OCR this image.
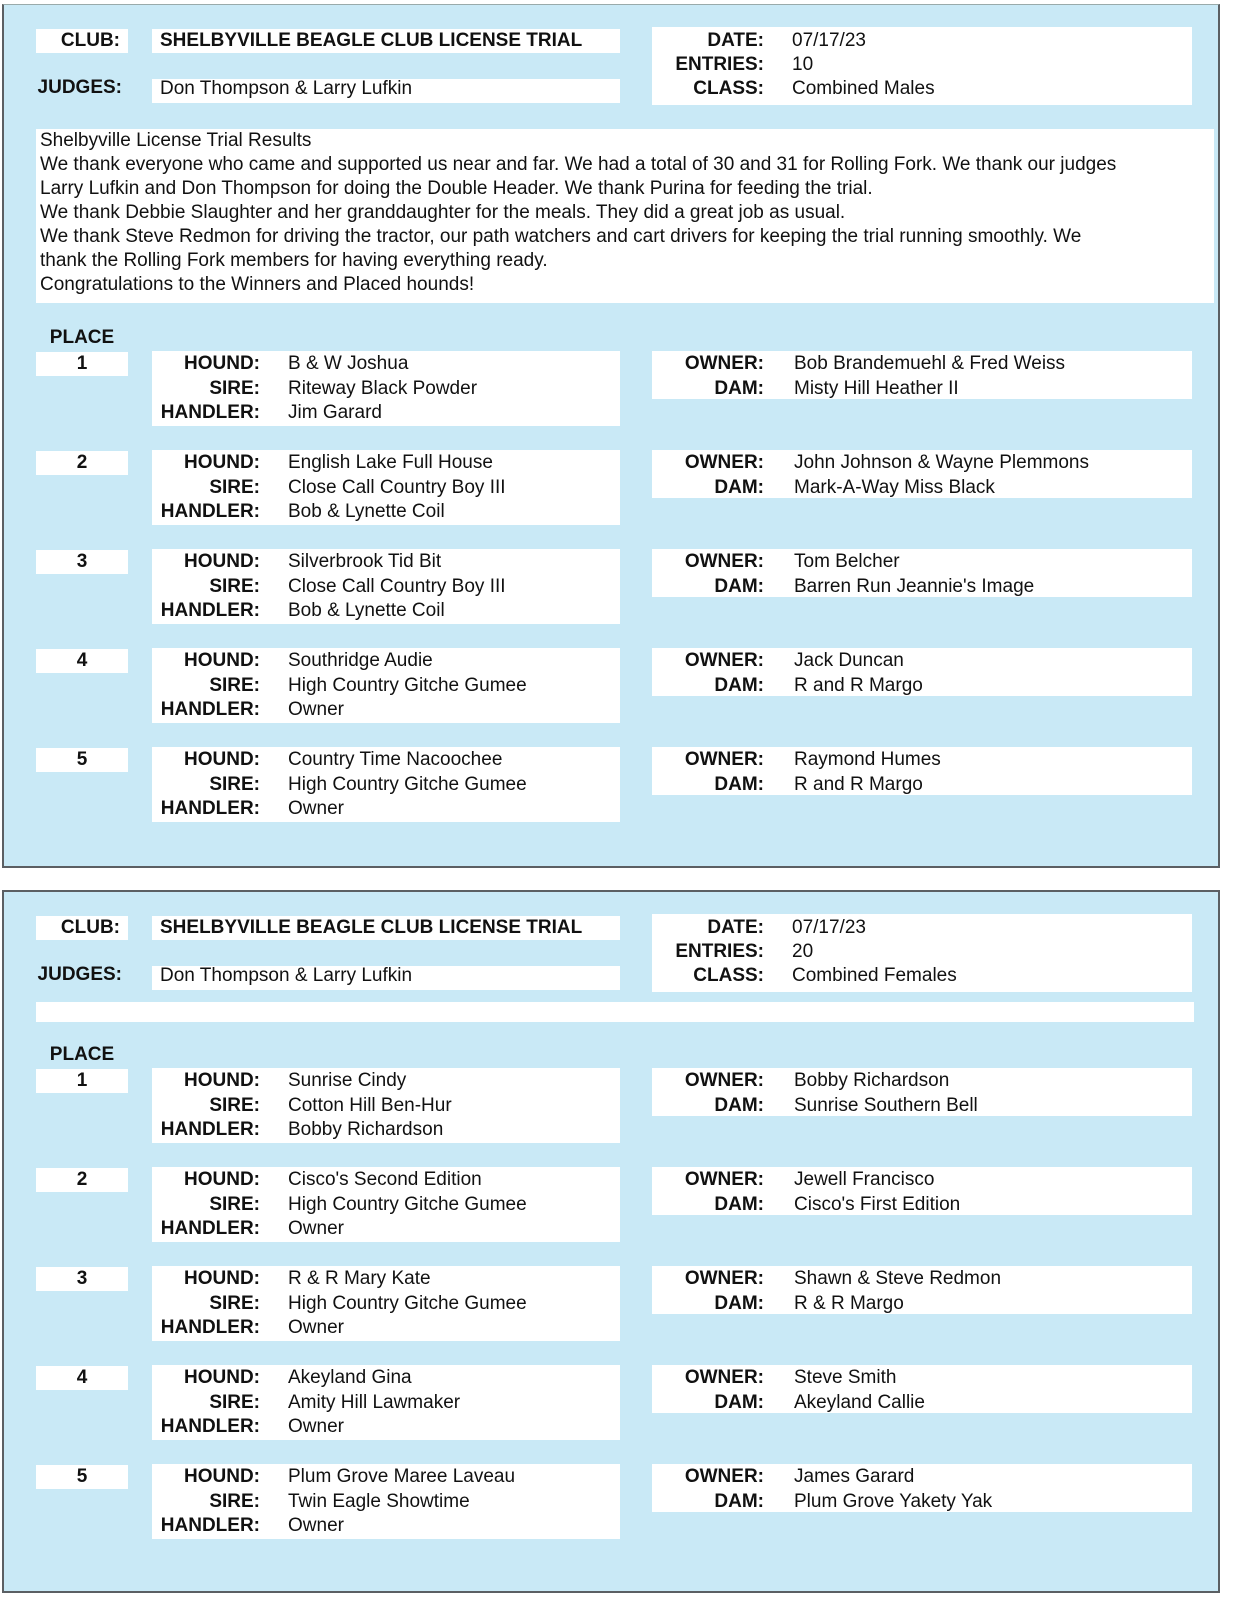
CLUB: SHELBYVILLE BEAGLE CLUB LICENSE TRIAL
JUDGES: Don Thompson & Larry Lufkin
DATE: 07/17/23
ENTRIES: 10
CLASS: Combined Males
Shelbyville License Trial Results
We thank everyone who came and supported us near and far. We had a total of 30 and 31 for Rolling Fork. We thank our judges
Larry Lufkin and Don Thompson for doing the Double Header. We thank Purina for feeding the trial.
We thank Debbie Slaughter and her granddaughter for the meals. They did a great job as usual.
We thank Steve Redmon for driving the tractor, our path watchers and cart drivers for keeping the trial running smoothly. We
thank the Rolling Fork members for having everything ready.
Congratulations to the Winners and Placed hounds!
PLACE
1	HOUND: B & W Joshua
SIRE: Riteway Black Powder
HANDLER: Jim Garard
OWNER: Bob Brandemuehl & Fred Weiss
DAM: Misty Hill Heather II
2	HOUND: English Lake Full House
SIRE: Close Call Country Boy III
HANDLER: Bob & Lynette Coil
OWNER: John Johnson & Wayne Plemmons
DAM: Mark-A-Way Miss Black
3	HOUND: Silverbrook Tid Bit
SIRE: Close Call Country Boy III
HANDLER: Bob & Lynette Coil
OWNER: Tom Belcher
DAM: Barren Run Jeannie's Image
4	HOUND: Southridge Audie
SIRE: High Country Gitche Gumee
HANDLER: Owner
OWNER: Jack Duncan
DAM: R and R Margo
5	HOUND: Country Time Nacoochee
SIRE: High Country Gitche Gumee
HANDLER: Owner
OWNER: Raymond Humes
DAM: R and R Margo
CLUB: SHELBYVILLE BEAGLE CLUB LICENSE TRIAL
JUDGES: Don Thompson & Larry Lufkin
DATE: 07/17/23
ENTRIES: 20
CLASS: Combined Females
PLACE
1	HOUND: Sunrise Cindy
SIRE: Cotton Hill Ben-Hur
HANDLER: Bobby Richardson
OWNER: Bobby Richardson
DAM: Sunrise Southern Bell
2	HOUND: Cisco's Second Edition
SIRE: High Country Gitche Gumee
HANDLER: Owner
OWNER: Jewell Francisco
DAM: Cisco's First Edition
3	HOUND: R & R Mary Kate
SIRE: High Country Gitche Gumee
HANDLER: Owner
OWNER: Shawn & Steve Redmon
DAM: R & R Margo
4	HOUND: Akeyland Gina
SIRE: Amity Hill Lawmaker
HANDLER: Owner
OWNER: Steve Smith
DAM: Akeyland Callie
5	HOUND: Plum Grove Maree Laveau
SIRE: Twin Eagle Showtime
HANDLER: Owner
OWNER: James Garard
DAM: Plum Grove Yakety Yak
